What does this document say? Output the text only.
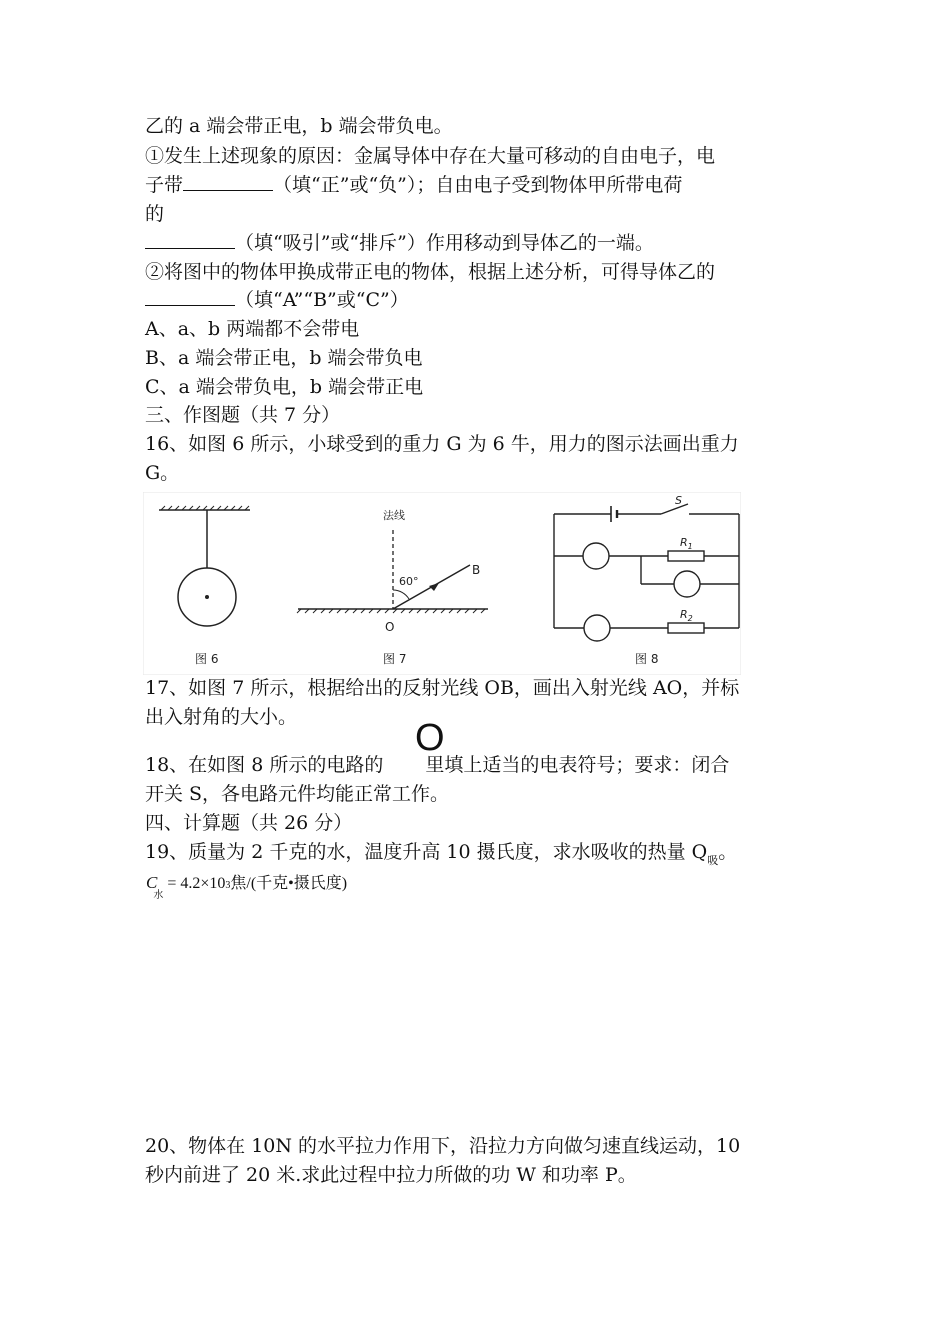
乙的 a 端会带正电，b 端会带负电。
①发生上述现象的原因：金属导体中存在大量可移动的自由电子，电
子带	（填“正”或“负”）；自由电子受到物体甲所带电荷
的
（填“吸引”或“排斥”）作用移动到导体乙的一端。
②将图中的物体甲换成带正电的物体，根据上述分析，可得导体乙的
（填“A”“B”或“C”）
A、a、b 两端都不会带电
B、a 端会带正电，b 端会带负电
C、a 端会带负电，b 端会带正电
三、作图题（共 7 分）
16、如图 6 所示，小球受到的重力 G 为 6 牛，用力的图示法画出重力
G。
图 6
法线
60°
B
O
图 7
S
$R_1$
$R_2$
图 8
17、如图 7 所示，根据给出的反射光线 OB，画出入射光线 AO，并标
出入射角的大小。	O
18、在如图 8 所示的电路的 里填上适当的电表符号；要求：闭合
开关 S，各电路元件均能正常工作。
四、计算题（共 26 分）
19、质量为 2 千克的水，温度升高 10 摄氏度，求水吸收的热量 $Q_吸$。
$C_水 = 4.2\times 103$焦/(千克•摄氏度)
20、物体在 10N 的水平拉力作用下，沿拉力方向做匀速直线运动，10
秒内前进了 20 米.求此过程中拉力所做的功 W 和功率 P。
